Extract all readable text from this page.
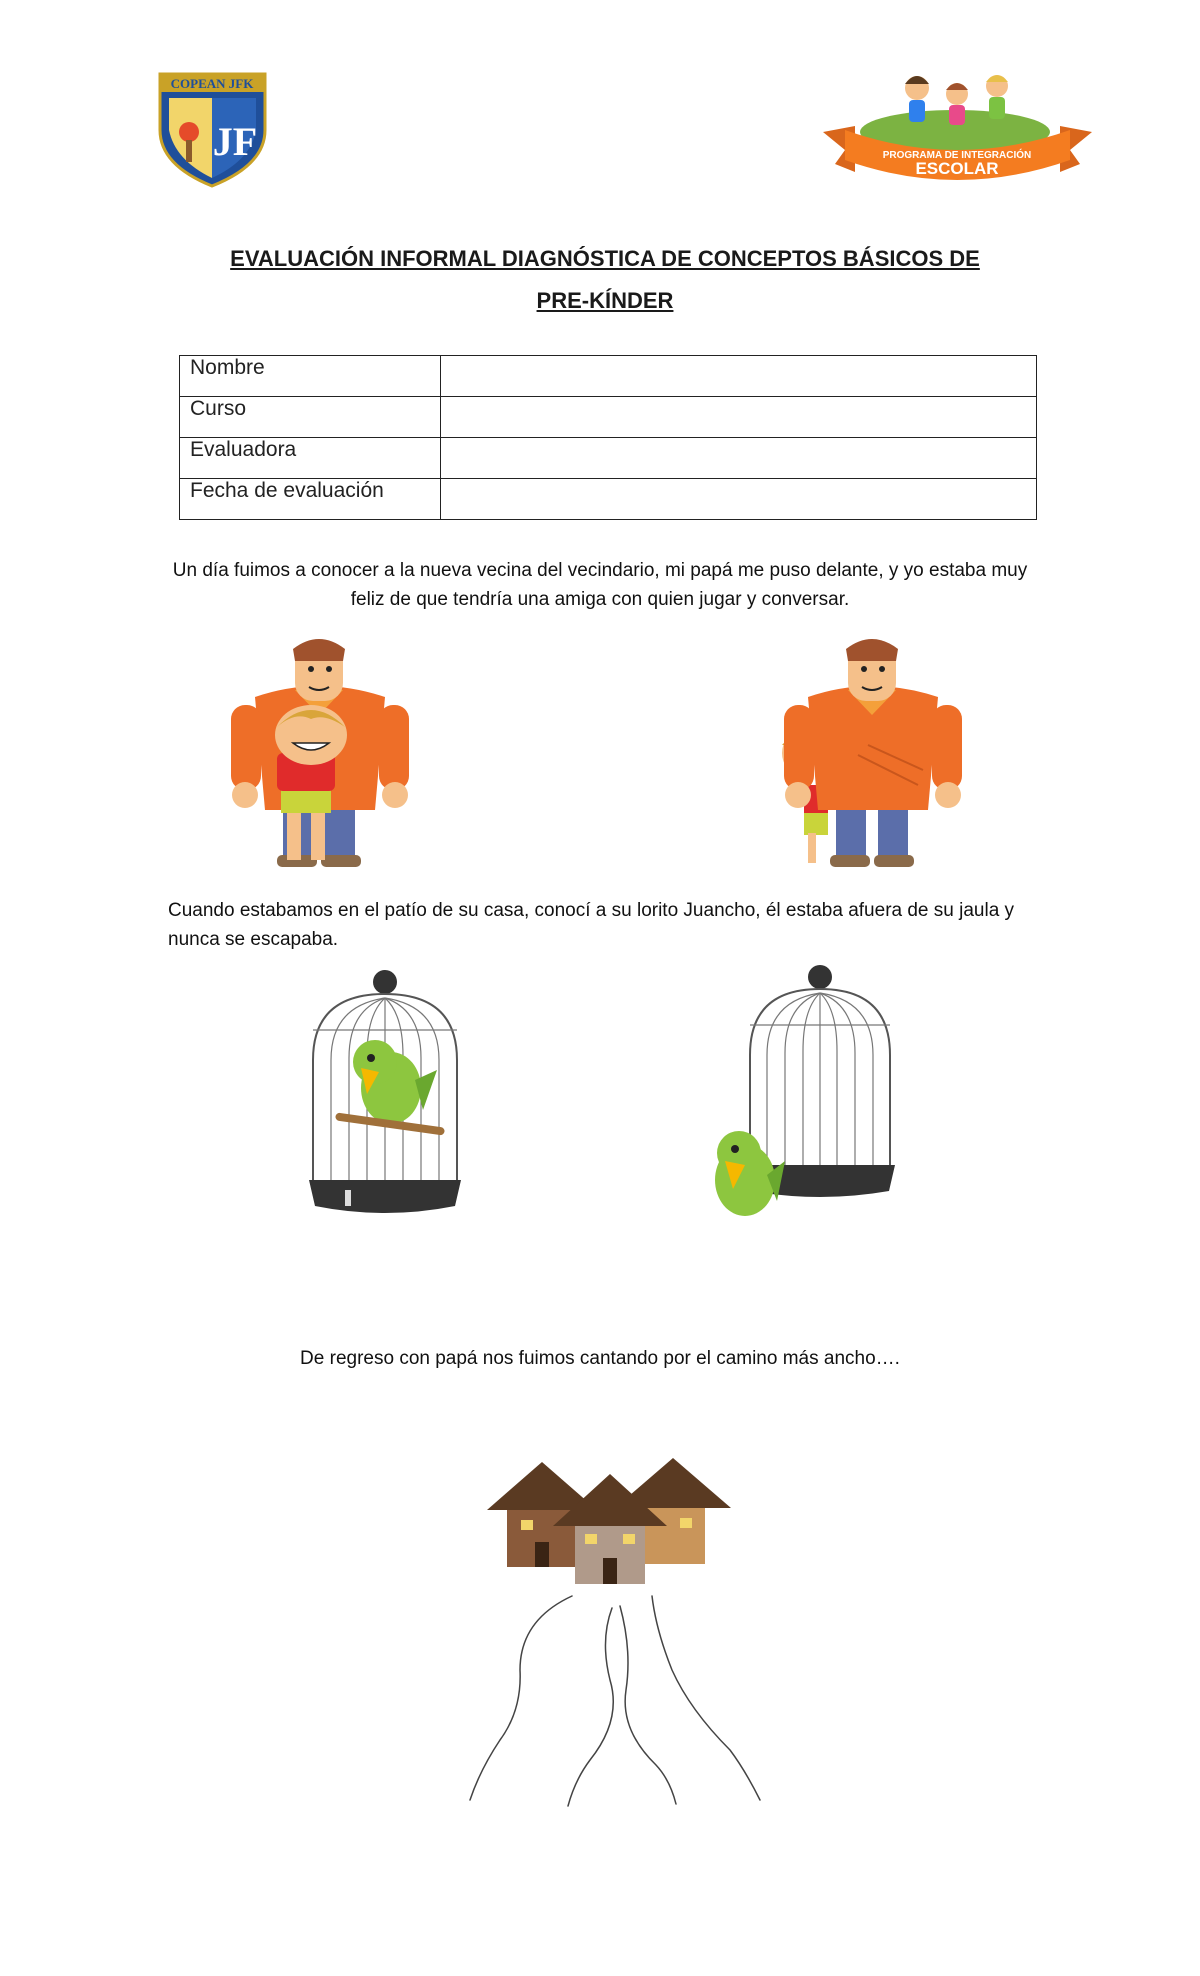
COPEAN JFK
JF	PROGRAMA DE INTEGRACIÓN
ESCOLAR
EVALUACIÓN INFORMAL DIAGNÓSTICA DE CONCEPTOS BÁSICOS DE
PRE-KÍNDER
Nombre	
Curso	
Evaluadora	
Fecha de evaluación	
Un día fuimos a conocer a la nueva vecina del vecindario, mi papá me puso delante, y yo estaba muy feliz de que tendría una amiga con quien jugar y conversar.
Cuando estabamos en el patío de su casa, conocí a su lorito Juancho, él estaba afuera de su jaula y nunca se escapaba.
De regreso con papá nos fuimos cantando por el camino más ancho….
